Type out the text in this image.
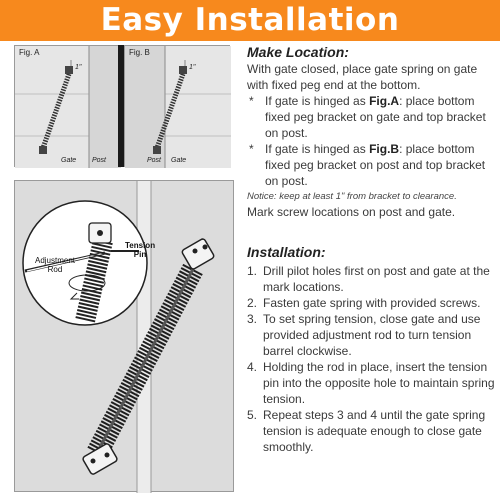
Easy Installation
Fig. A
1"
Gate Post
Fig. B
1"
Post Gate
Adjustment Rod
Tension Pin
Make Location:
With gate closed, place gate spring on gate with fixed peg end at the bottom.
* If gate is hinged as Fig.A: place bottom fixed peg bracket on gate and top bracket on post.
* If gate is hinged as Fig.B: place bottom fixed peg bracket on post and top bracket on post.
Notice: keep at least 1" from bracket to clearance.
Mark screw locations on post and gate.
Installation:
1. Drill pilot holes first on post and gate at the mark locations.
2. Fasten gate spring with provided screws.
3. To set spring tension, close gate and use provided adjustment rod to turn tension barrel clockwise.
4. Holding the rod in place, insert the tension pin into the opposite hole to maintain spring tension.
5. Repeat steps 3 and 4 until the gate spring tension is adequate enough to close gate smoothly.
